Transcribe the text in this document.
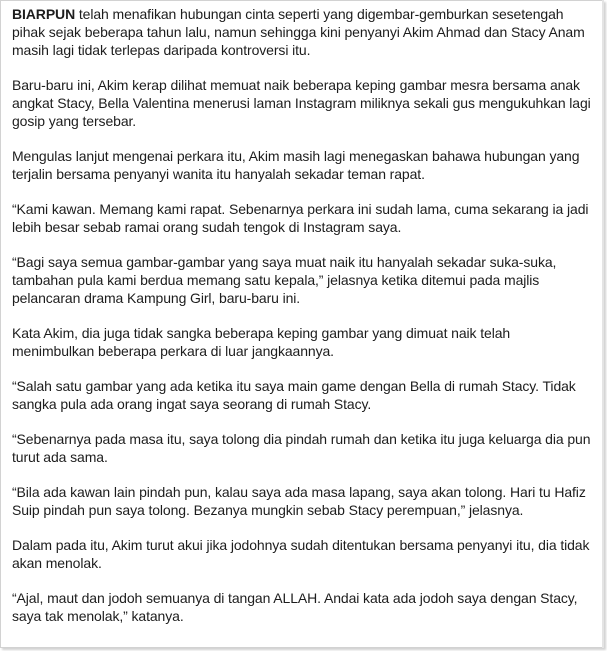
BIARPUN telah menafikan hubungan cinta seperti yang digembar-gemburkan sesetengah pihak sejak beberapa tahun lalu, namun sehingga kini penyanyi Akim Ahmad dan Stacy Anam masih lagi tidak terlepas daripada kontroversi itu.

Baru-baru ini, Akim kerap dilihat memuat naik beberapa keping gambar mesra bersama anak angkat Stacy, Bella Valentina menerusi laman Instagram miliknya sekali gus mengukuhkan lagi gosip yang tersebar.

Mengulas lanjut mengenai perkara itu, Akim masih lagi menegaskan bahawa hubungan yang terjalin bersama penyanyi wanita itu hanyalah sekadar teman rapat.

“Kami kawan. Memang kami rapat. Sebenarnya perkara ini sudah lama, cuma sekarang ia jadi lebih besar sebab ramai orang sudah tengok di Instagram saya.

“Bagi saya semua gambar-gambar yang saya muat naik itu hanyalah sekadar suka-suka, tambahan pula kami berdua memang satu kepala,” jelasnya ketika ditemui pada majlis pelancaran drama Kampung Girl, baru-baru ini.

Kata Akim, dia juga tidak sangka beberapa keping gambar yang dimuat naik telah menimbulkan beberapa perkara di luar jangkaannya.

“Salah satu gambar yang ada ketika itu saya main game dengan Bella di rumah Stacy. Tidak sangka pula ada orang ingat saya seorang di rumah Stacy.

“Sebenarnya pada masa itu, saya tolong dia pindah rumah dan ketika itu juga keluarga dia pun turut ada sama.

“Bila ada kawan lain pindah pun, kalau saya ada masa lapang, saya akan tolong. Hari tu Hafiz Suip pindah pun saya tolong. Bezanya mungkin sebab Stacy perempuan,” jelasnya.

Dalam pada itu, Akim turut akui jika jodohnya sudah ditentukan bersama penyanyi itu, dia tidak akan menolak.

“Ajal, maut dan jodoh semuanya di tangan ALLAH. Andai kata ada jodoh saya dengan Stacy, saya tak menolak,” katanya.
